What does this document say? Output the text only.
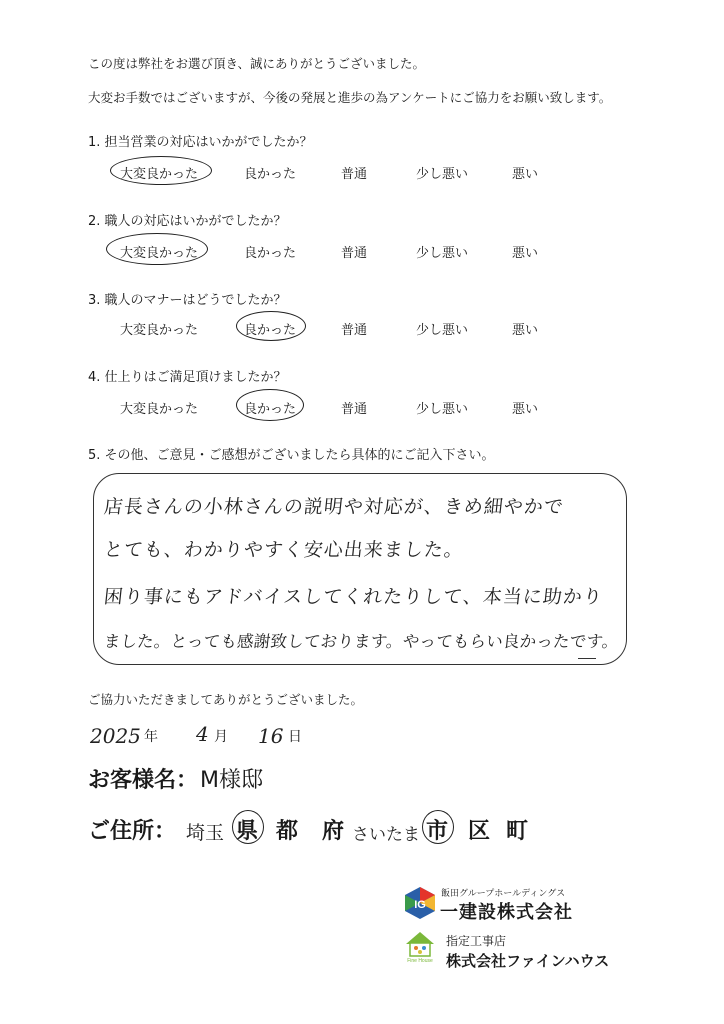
この度は弊社をお選び頂き、誠にありがとうございました。
大変お手数ではございますが、今後の発展と進歩の為アンケートにご協力をお願い致します。
1. 担当営業の対応はいかがでしたか？
大変良かった	良かった	普通	少し悪い	悪い
2. 職人の対応はいかがでしたか？
大変良かった	良かった	普通	少し悪い	悪い
3. 職人のマナーはどうでしたか？
大変良かった	良かった	普通	少し悪い	悪い
4. 仕上りはご満足頂けましたか？
大変良かった	良かった	普通	少し悪い	悪い
5. その他、ご意見・ご感想がございましたら具体的にご記入下さい。
店長さんの小林さんの説明や対応が、きめ細やかで
とても、わかりやすく安心出来ました。
困り事にもアドバイスしてくれたりして、本当に助かり
ました。とっても感謝致しております。やってもらい良かったです。
ご協力いただきましてありがとうございました。
2025 年 4 月 16 日
お客様名： M様邸
ご住所： 埼玉 県 都 府 さいたま 市 区 町
IG
飯田グループホールディングス
一建設株式会社
Fine House
指定工事店
株式会社ファインハウス
